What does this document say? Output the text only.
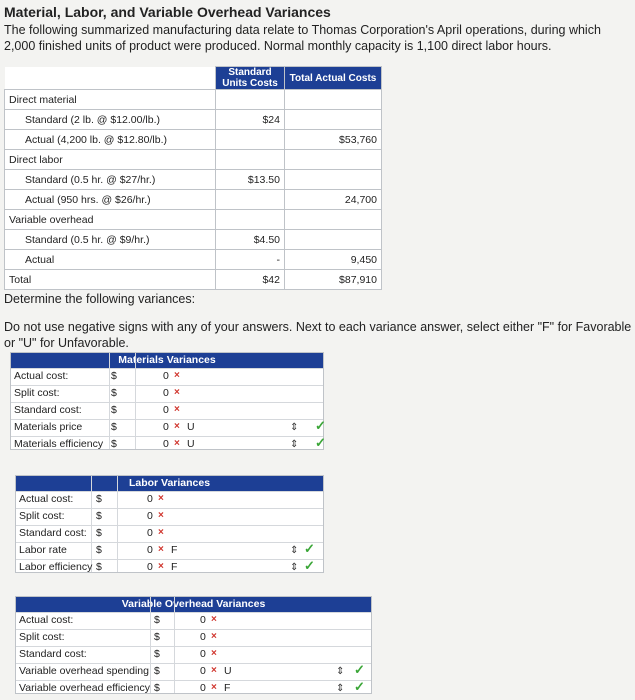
Material, Labor, and Variable Overhead Variances
The following summarized manufacturing data relate to Thomas Corporation's April operations, during which 2,000 finished units of product were produced. Normal monthly capacity is 1,100 direct labor hours.
	Standard Units Costs	Total Actual Costs
Direct material		
Standard (2 lb. @ $12.00/lb.)	$24	
Actual (4,200 lb. @ $12.80/lb.)		$53,760
Direct labor		
Standard (0.5 hr. @ $27/hr.)	$13.50	
Actual (950 hrs. @ $26/hr.)		24,700
Variable overhead		
Standard (0.5 hr. @ $9/hr.)	$4.50	
Actual	-	9,450
Total	$42	$87,910
Determine the following variances:
Do not use negative signs with any of your answers. Next to each variance answer, select either "F" for Favorable or "U" for Unfavorable.
Materials Variances
Actual cost:	$	0 ×
Split cost:	$	0 ×
Standard cost:	$	0 ×
Materials price	$	0 × U
Materials efficiency $	0 × U
⇕ ✓
⇕ ✓
Labor Variances
Actual cost: $	0 ×
Split cost:	$	0 ×
Standard cost: $	0 ×
Labor rate	$	0 × F
Labor efficiency $	0 × F
⇕ ✓
⇕ ✓
Variable Overhead Variances
Actual cost:	$	0 ×
Split cost:	$	0 ×
Standard cost:	$	0 ×
Variable overhead spending $	0 × U
Variable overhead efficiency $	0 × F
⇕ ✓
⇕ ✓
